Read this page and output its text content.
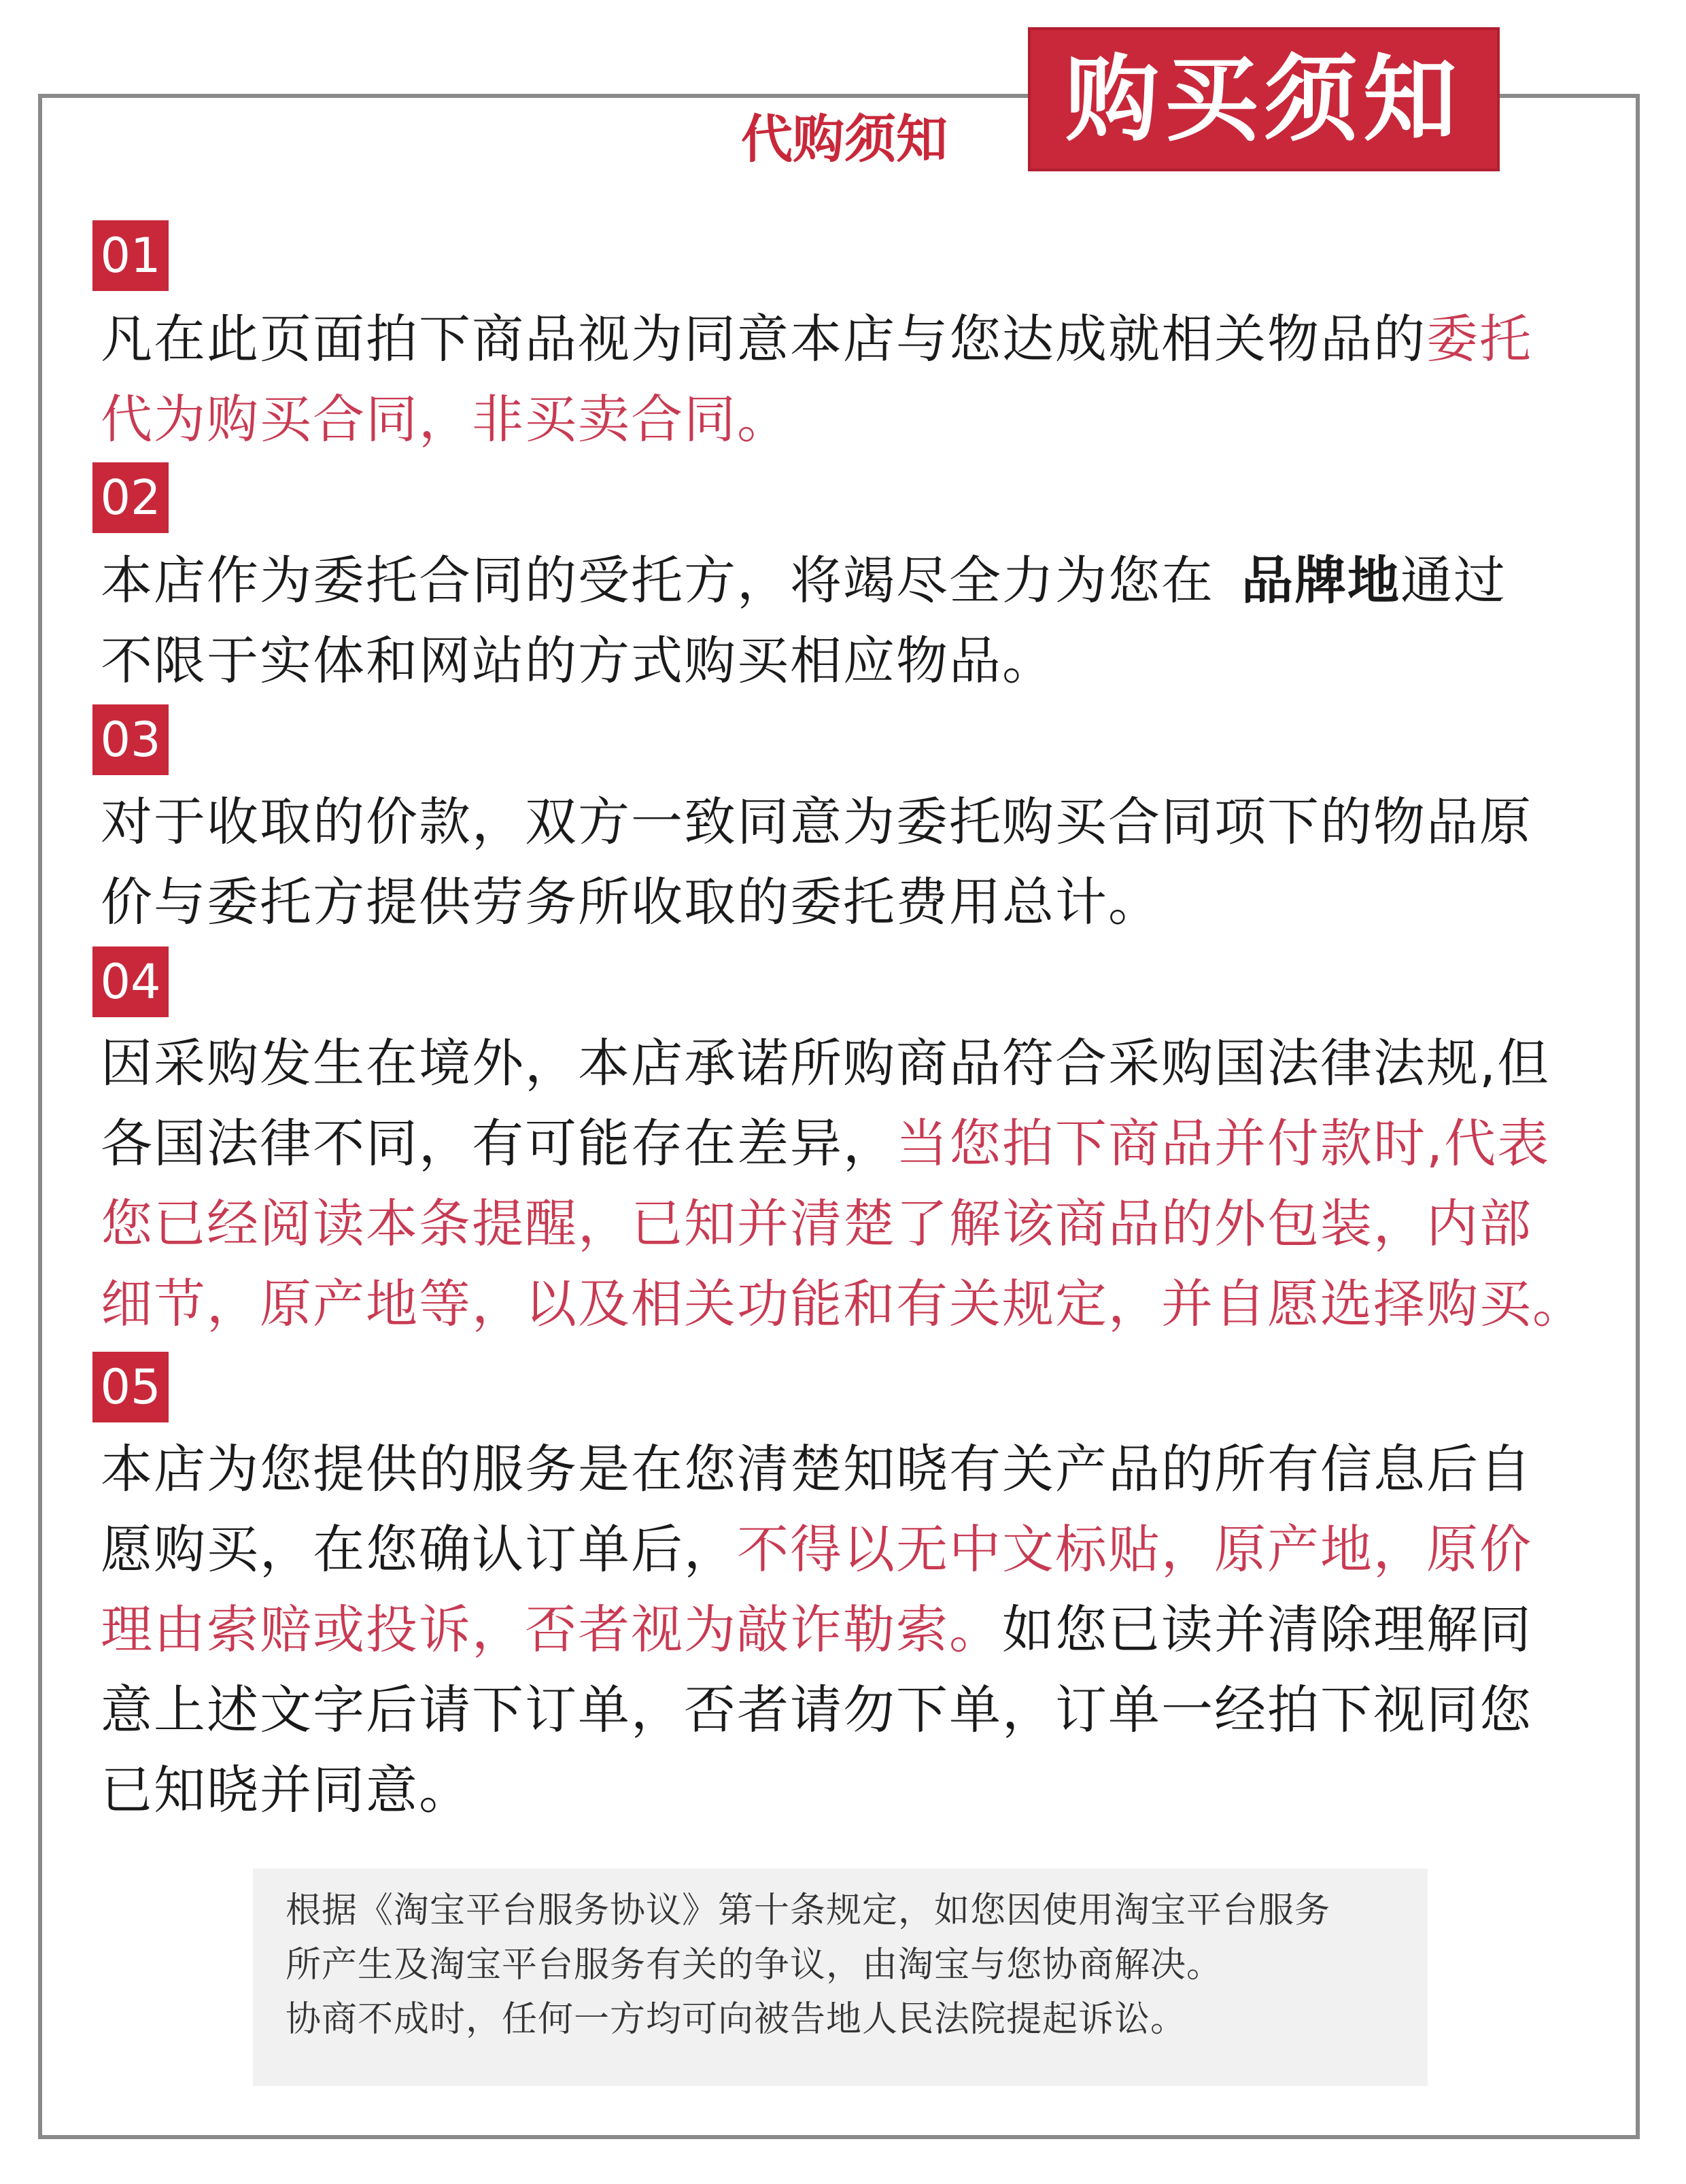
代购须知	购买须知
01
凡在此页面拍下商品视为同意本店与您达成就相关物品的委托
代为购买合同，非买卖合同。
02
本店作为委托合同的受托方，将竭尽全力为您在 品牌地通过
不限于实体和网站的方式购买相应物品。
03
对于收取的价款，双方一致同意为委托购买合同项下的物品原
价与委托方提供劳务所收取的委托费用总计。
04
因采购发生在境外，本店承诺所购商品符合采购国法律法规,但
各国法律不同，有可能存在差异，当您拍下商品并付款时,代表
您已经阅读本条提醒，已知并清楚了解该商品的外包装，内部
细节，原产地等，以及相关功能和有关规定，并自愿选择购买。
05
本店为您提供的服务是在您清楚知晓有关产品的所有信息后自
愿购买，在您确认订单后，不得以无中文标贴，原产地，原价
理由索赔或投诉，否者视为敲诈勒索。如您已读并清除理解同
意上述文字后请下订单，否者请勿下单，订单一经拍下视同您
已知晓并同意。
根据《淘宝平台服务协议》第十条规定，如您因使用淘宝平台服务
所产生及淘宝平台服务有关的争议，由淘宝与您协商解决。
协商不成时，任何一方均可向被告地人民法院提起诉讼。
